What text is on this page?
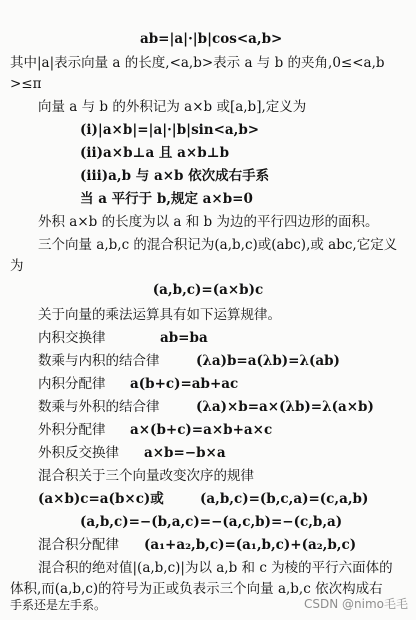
ab=|a|·|b|cos<a,b>
其中|a|表示向量 a 的长度,<a,b>表示 a 与 b 的夹角,0≤<a,b
>≤π
向量 a 与 b 的外积记为 a×b 或[a,b],定义为
(ⅰ)|a×b|=|a|·|b|sin<a,b>
(ⅱ)a×b⊥a 且 a×b⊥b
(ⅲ)a,b 与 a×b 依次成右手系
当 a 平行于 b,规定 a×b=0
外积 a×b 的长度为以 a 和 b 为边的平行四边形的面积。
三个向量 a,b,c 的混合积记为(a,b,c)或(abc),或 abc,它定义
为
(a,b,c)=(a×b)c
关于向量的乘法运算具有如下运算规律。
内积交换律	ab=ba
数乘与内积的结合律	(λa)b=a(λb)=λ(ab)
内积分配律 a(b+c)=ab+ac
数乘与外积的结合律	(λa)×b=a×(λb)=λ(a×b)
外积分配律 a×(b+c)=a×b+a×c
外积反交换律 a×b=−b×a
混合积关于三个向量改变次序的规律
(a×b)c=a(b×c)或	(a,b,c)=(b,c,a)=(c,a,b)
(a,b,c)=−(b,a,c)=−(a,c,b)=−(c,b,a)
混合积分配律 (a₁+a₂,b,c)=(a₁,b,c)+(a₂,b,c)
混合积的绝对值|(a,b,c)|为以 a,b 和 c 为棱的平行六面体的
体积,而(a,b,c)的符号为正或负表示三个向量 a,b,c 依次构成右
手系还是左手系。	CSDN @nimo毛毛
